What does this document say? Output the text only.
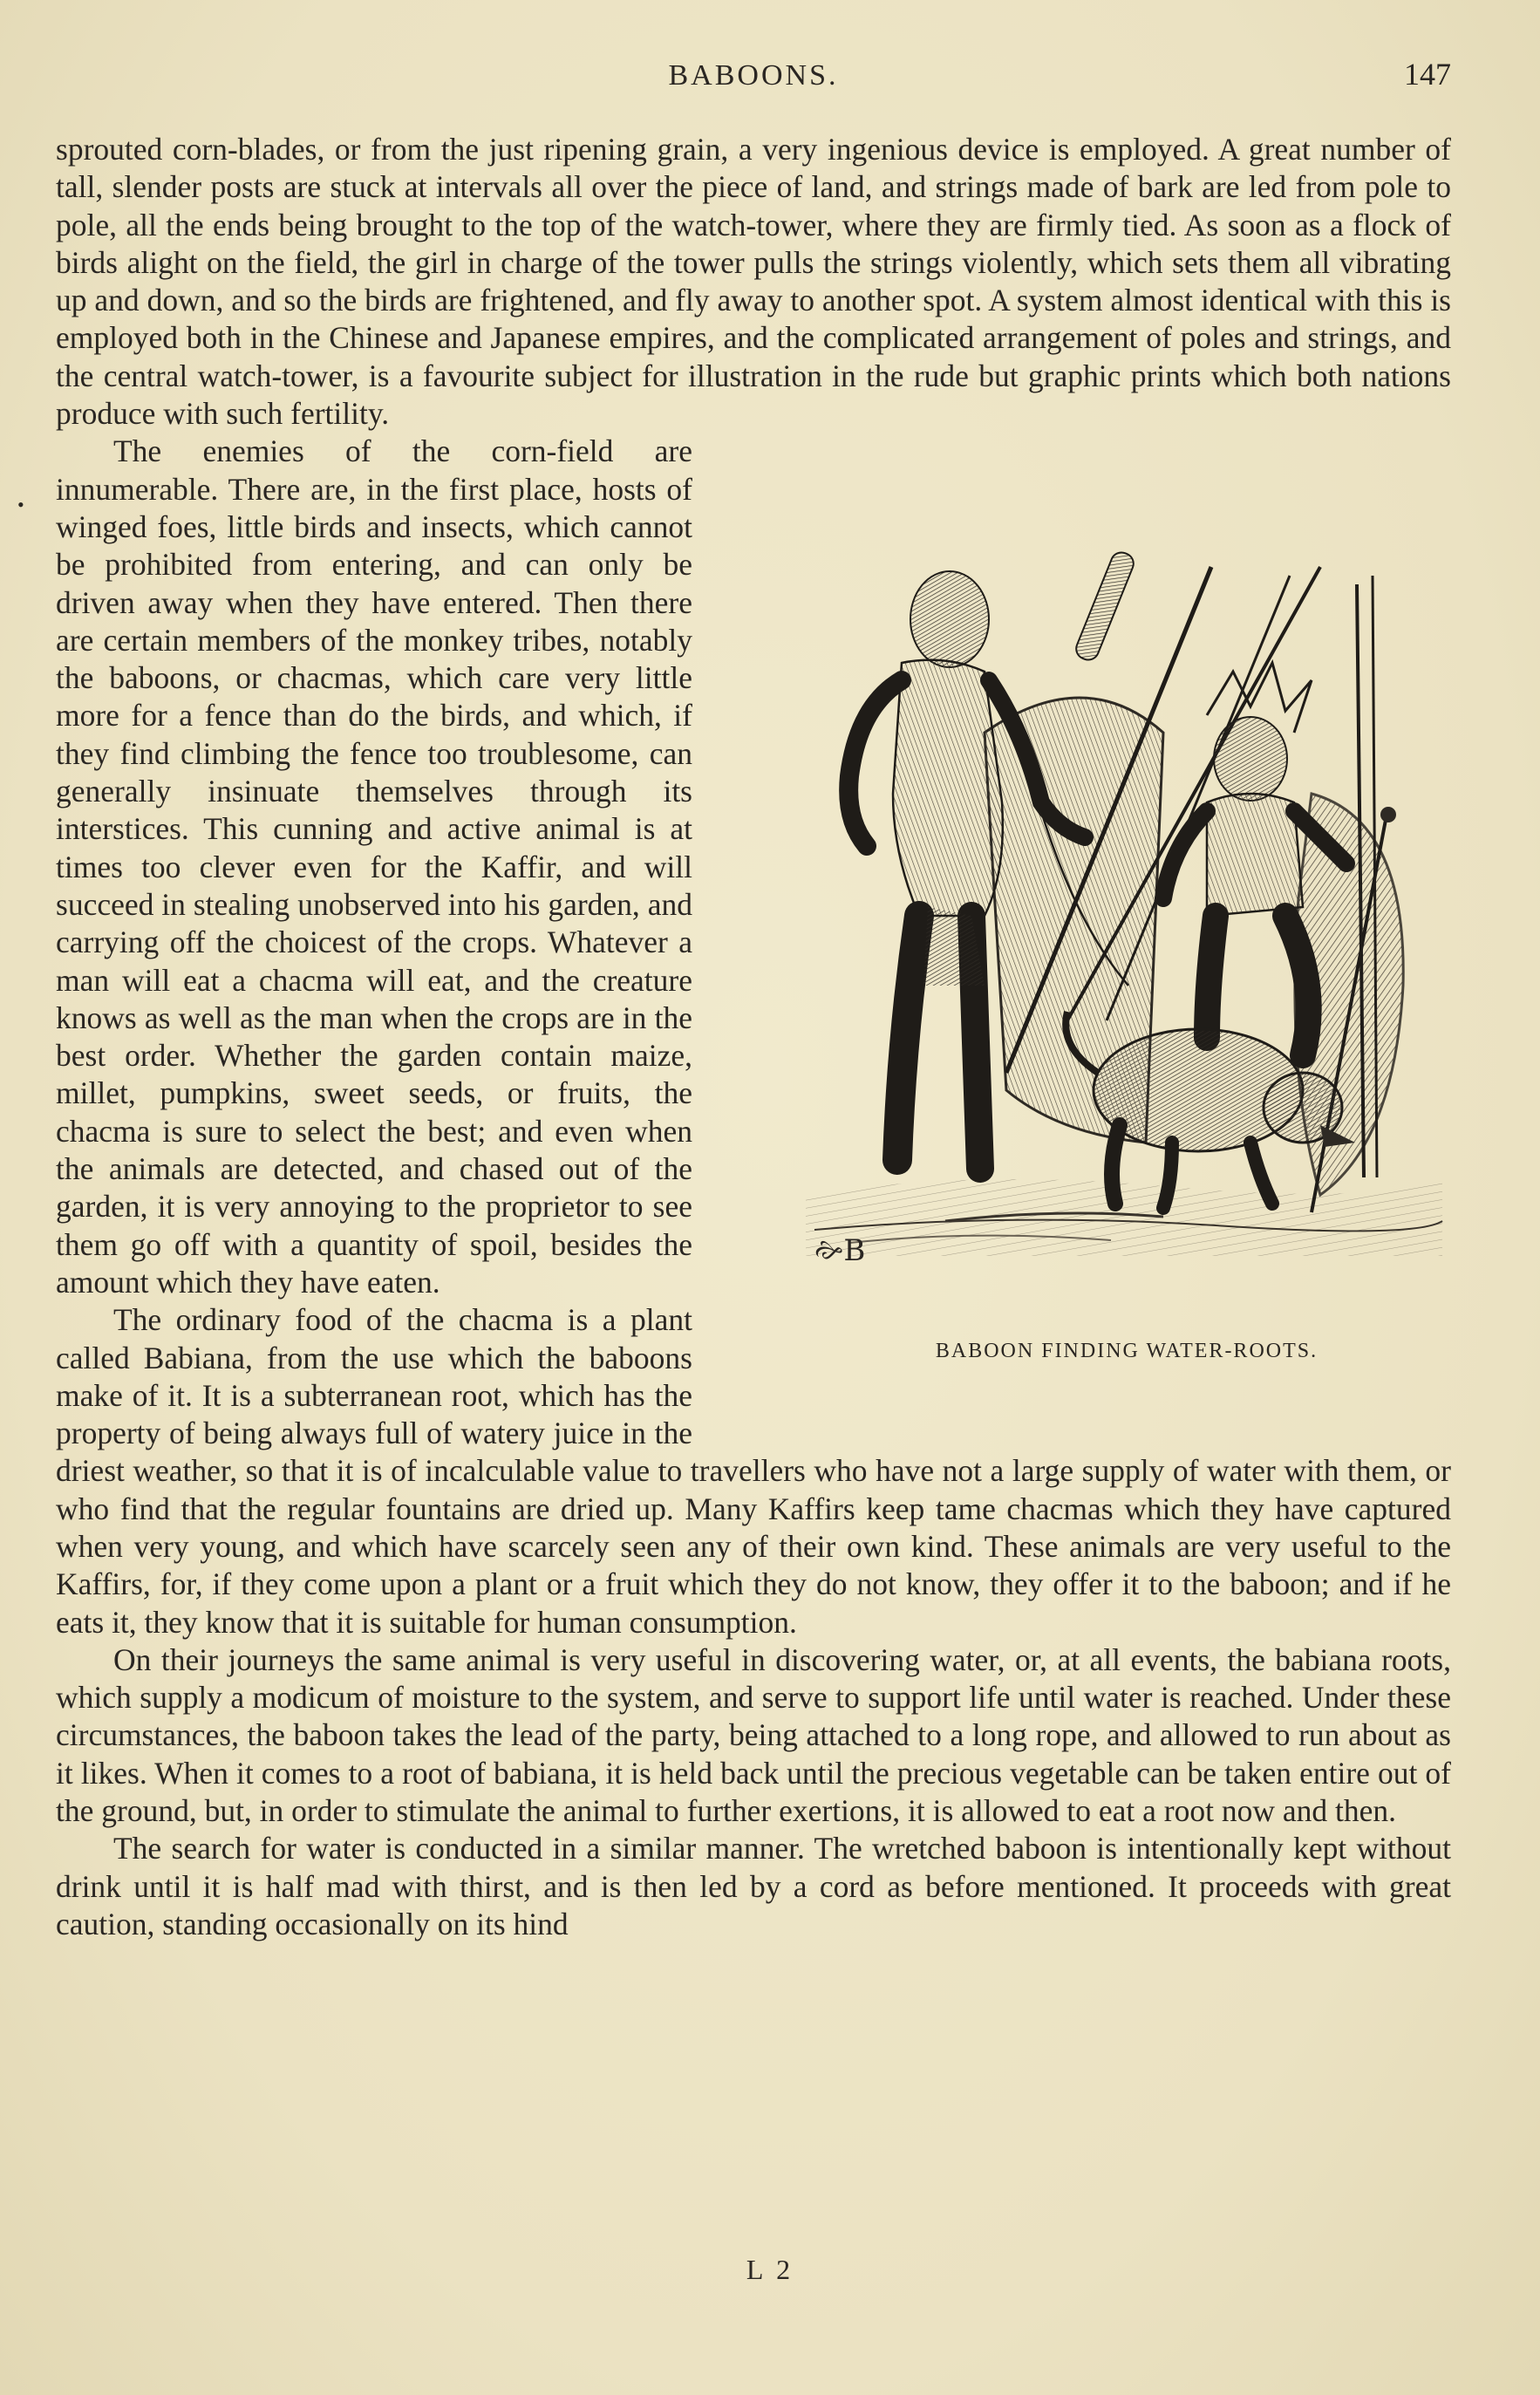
BABOONS.	147
•

sprouted corn-blades, or from the just ripening grain, a very ingenious device is employed. A great number of tall, slender posts are stuck at intervals all over the piece of land, and strings made of bark are led from pole to pole, all the ends being brought to the top of the watch-tower, where they are firmly tied. As soon as a flock of birds alight on the field, the girl in charge of the tower pulls the strings violently, which sets them all vibrating up and down, and so the birds are frightened, and fly away to another spot. A system almost identical with this is employed both in the Chinese and Japanese empires, and the complicated arrangement of poles and strings, and the central watch-tower, is a favourite subject for illustration in the rude but graphic prints which both nations produce with such fertility.

🙚B
BABOON FINDING WATER-ROOTS.
The enemies of the corn-field are innumerable. There are, in the first place, hosts of winged foes, little birds and insects, which cannot be prohibited from entering, and can only be driven away when they have entered. Then there are certain members of the monkey tribes, notably the baboons, or chacmas, which care very little more for a fence than do the birds, and which, if they find climbing the fence too troublesome, can generally insinuate themselves through its interstices. This cunning and active animal is at times too clever even for the Kaffir, and will succeed in stealing unobserved into his garden, and carrying off the choicest of the crops. Whatever a man will eat a chacma will eat, and the creature knows as well as the man when the crops are in the best order. Whether the garden contain maize, millet, pumpkins, sweet seeds, or fruits, the chacma is sure to select the best; and even when the animals are detected, and chased out of the garden, it is very annoying to the proprietor to see them go off with a quantity of spoil, besides the amount which they have eaten.

The ordinary food of the chacma is a plant called Babiana, from the use which the baboons make of it. It is a subterranean root, which has the property of being always full of watery juice in the driest weather, so that it is of incalculable value to travellers who have not a large supply of water with them, or who find that the regular fountains are dried up. Many Kaffirs keep tame chacmas which they have captured when very young, and which have scarcely seen any of their own kind. These animals are very useful to the Kaffirs, for, if they come upon a plant or a fruit which they do not know, they offer it to the baboon; and if he eats it, they know that it is suitable for human consumption.

On their journeys the same animal is very useful in discovering water, or, at all events, the babiana roots, which supply a modicum of moisture to the system, and serve to support life until water is reached. Under these circumstances, the baboon takes the lead of the party, being attached to a long rope, and allowed to run about as it likes. When it comes to a root of babiana, it is held back until the precious vegetable can be taken entire out of the ground, but, in order to stimulate the animal to further exertions, it is allowed to eat a root now and then.

The search for water is conducted in a similar manner. The wretched baboon is intentionally kept without drink until it is half mad with thirst, and is then led by a cord as before mentioned. It proceeds with great caution, standing occasionally on its hind

L 2
